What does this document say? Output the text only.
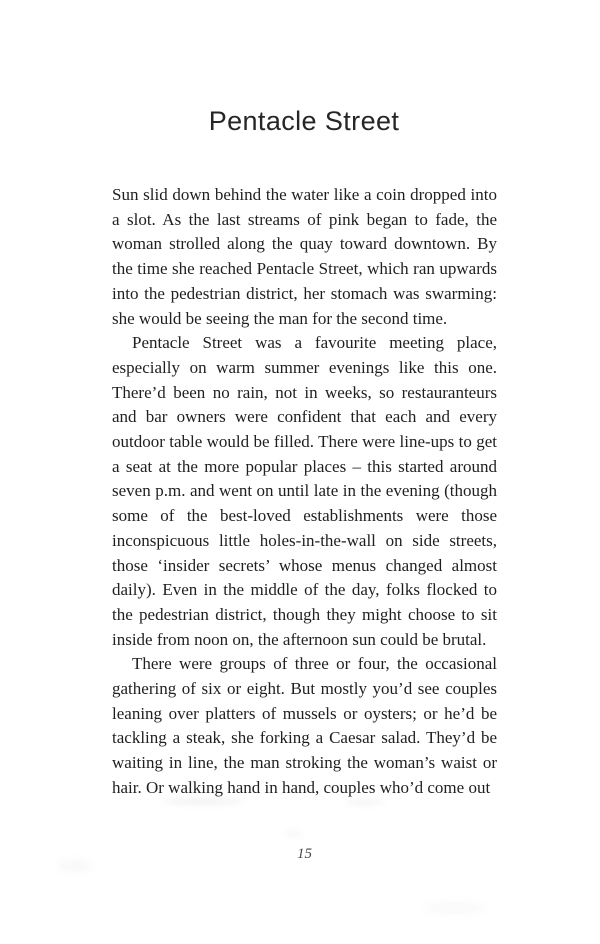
Pentacle Street

Sun slid down behind the water like a coin dropped into a slot. As the last streams of pink began to fade, the woman strolled along the quay toward downtown. By the time she reached Pentacle Street, which ran upwards into the pedestrian district, her stomach was swarming: she would be seeing the man for the second time.

Pentacle Street was a favourite meeting place, especially on warm summer evenings like this one. There’d been no rain, not in weeks, so restauranteurs and bar owners were confident that each and every outdoor table would be filled. There were line-ups to get a seat at the more popular places – this started around seven p.m. and went on until late in the evening (though some of the best-loved establishments were those inconspicuous little holes-in-the-wall on side streets, those ‘insider secrets’ whose menus changed almost daily). Even in the middle of the day, folks flocked to the pedestrian district, though they might choose to sit inside from noon on, the afternoon sun could be brutal.

There were groups of three or four, the occasional gathering of six or eight. But mostly you’d see couples leaning over platters of mussels or oysters; or he’d be tackling a steak, she forking a Caesar salad. They’d be waiting in line, the man stroking the woman’s waist or hair. Or walking hand in hand, couples who’d come out

15
